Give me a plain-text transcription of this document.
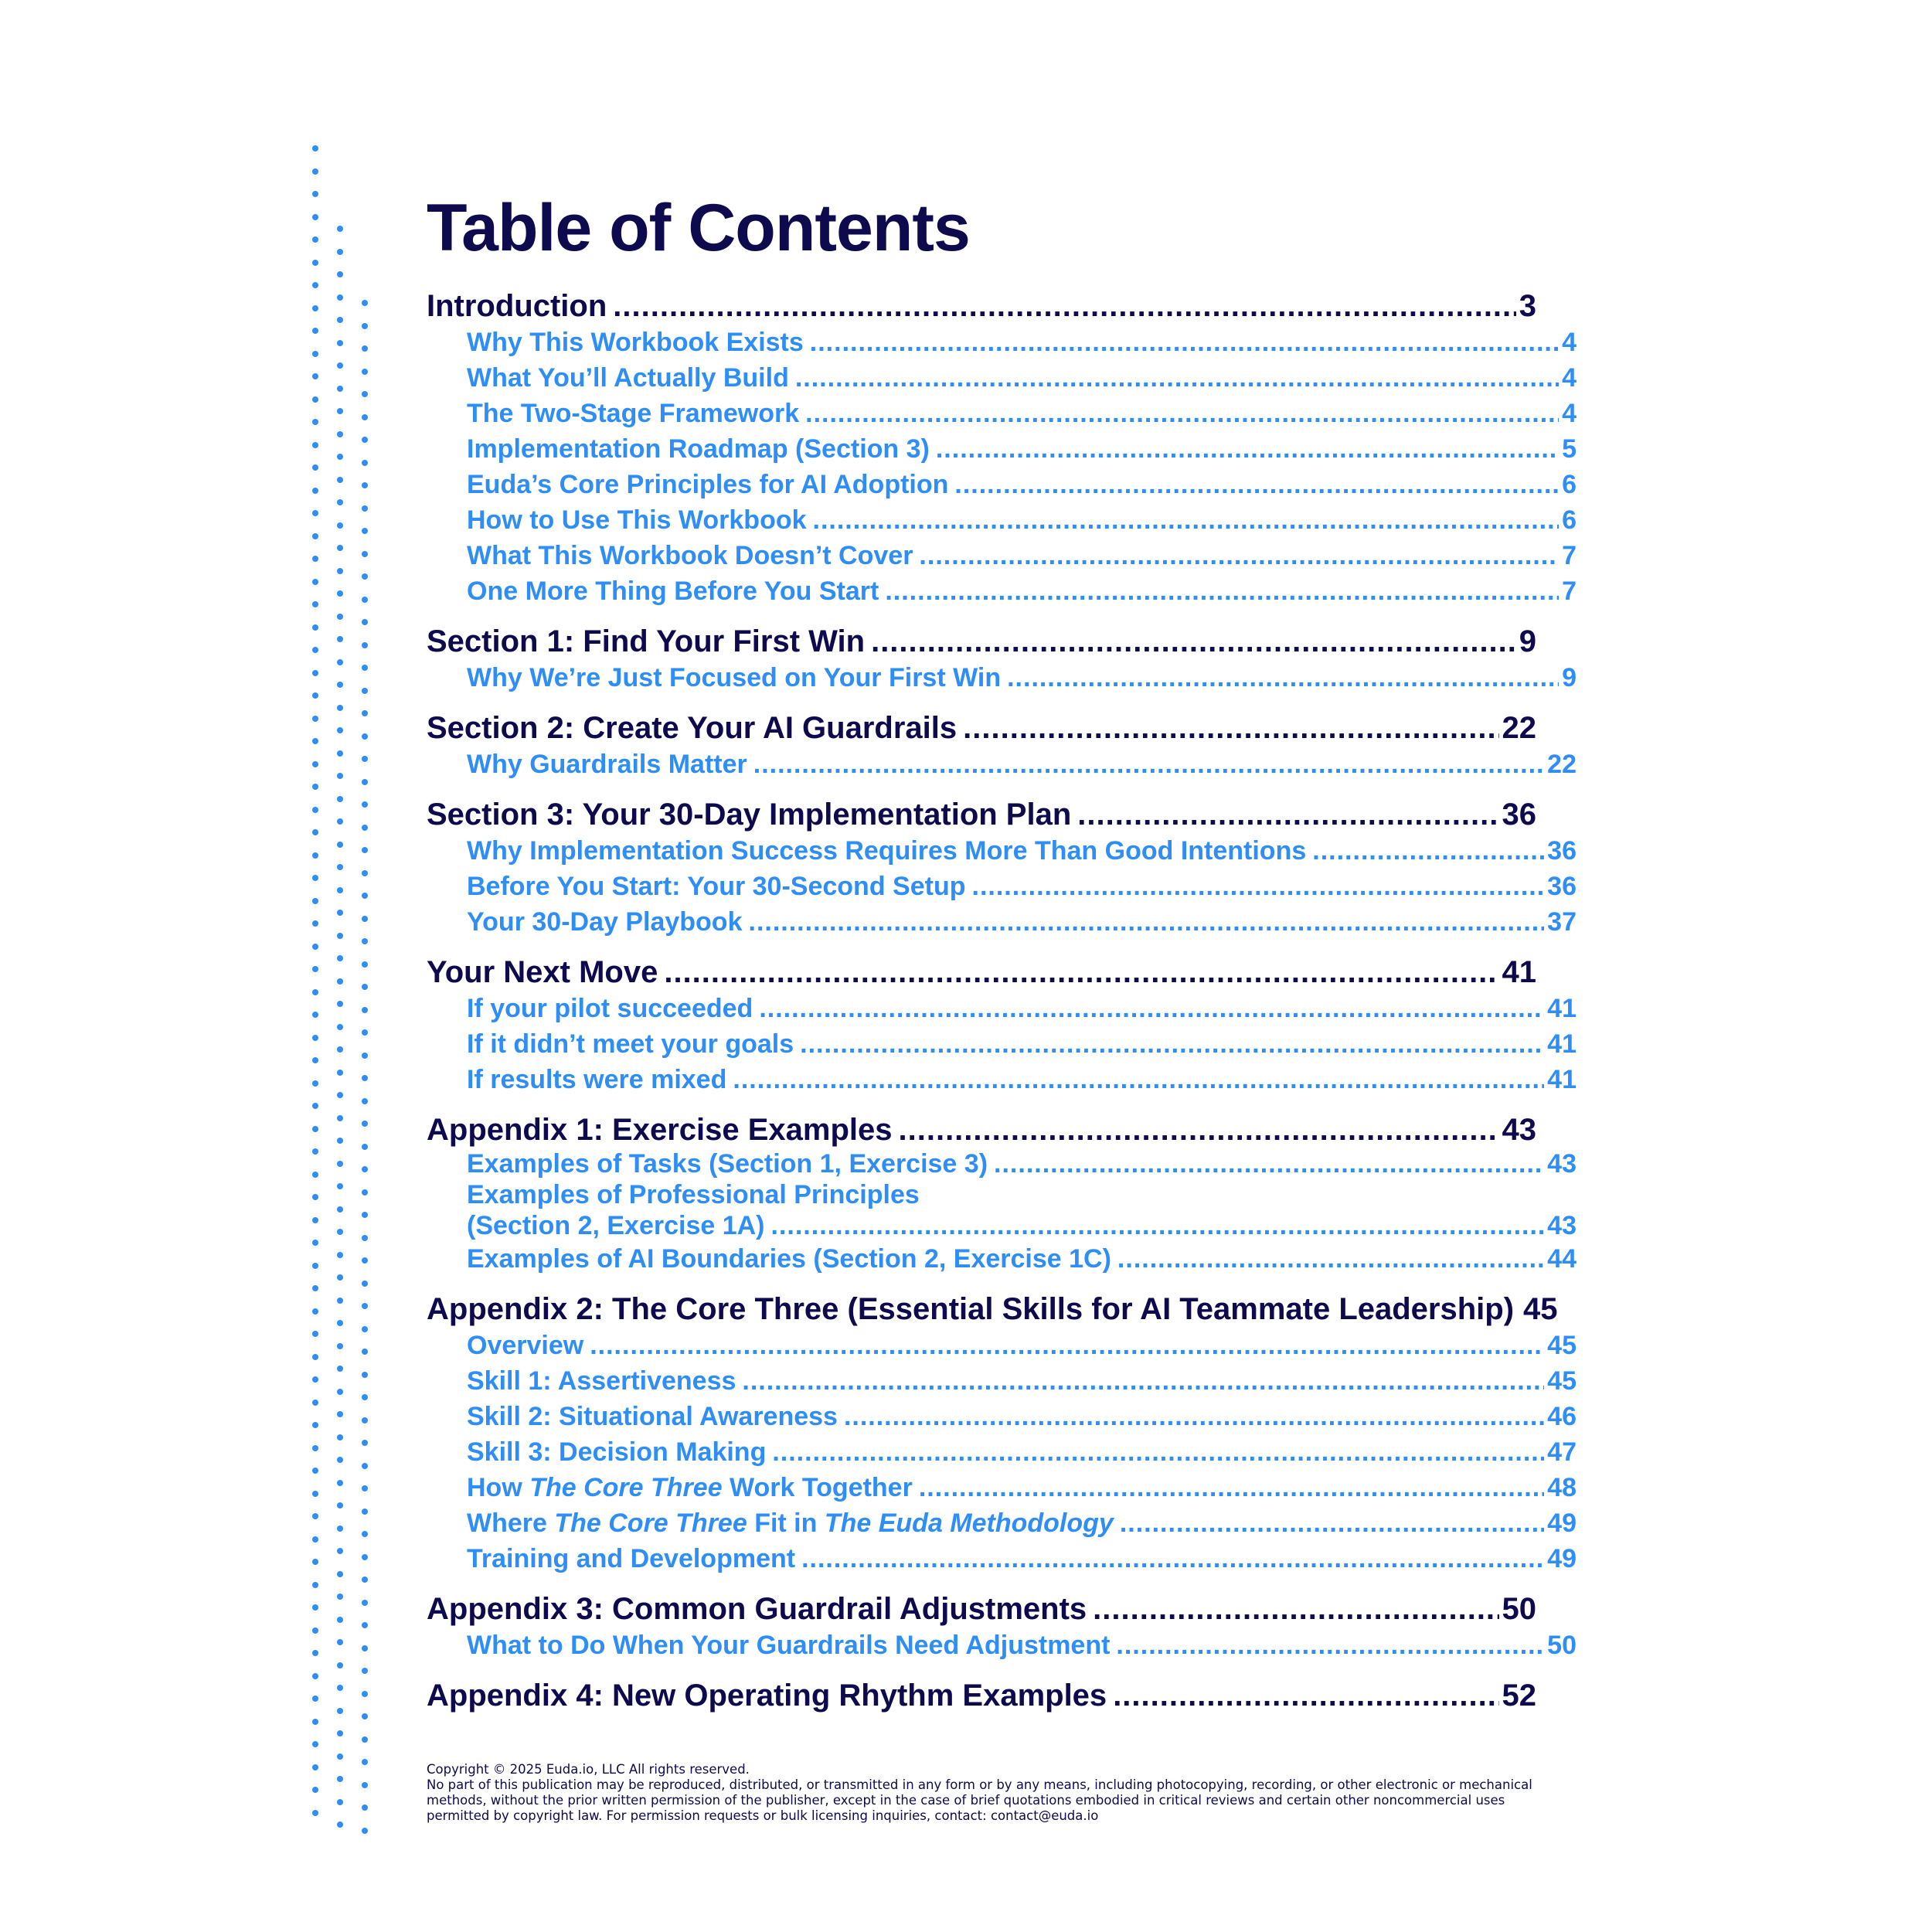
Table of Contents
Introduction .....	3
Why This Workbook Exists .....	4
What You’ll Actually Build .....	4
The Two-Stage Framework .....	4
Implementation Roadmap (Section 3) .....	5
Euda’s Core Principles for AI Adoption .....	6
How to Use This Workbook .....	6
What This Workbook Doesn’t Cover .....	7
One More Thing Before You Start .....	7
Section 1: Find Your First Win .....	9
Why We’re Just Focused on Your First Win .....	9
Section 2: Create Your AI Guardrails .....	22
Why Guardrails Matter .....	22
Section 3: Your 30-Day Implementation Plan .....	36
Why Implementation Success Requires More Than Good Intentions .....	36
Before You Start: Your 30-Second Setup .....	36
Your 30-Day Playbook .....	37
Your Next Move .....	41
If your pilot succeeded .....	41
If it didn’t meet your goals .....	41
If results were mixed .....	41
Appendix 1: Exercise Examples .....	43
Examples of Tasks (Section 1, Exercise 3) .....	43
Examples of Professional Principles
(Section 2, Exercise 1A) .....	43
Examples of AI Boundaries (Section 2, Exercise 1C) .....	44
Appendix 2: The Core Three (Essential Skills for AI Teammate Leadership) 45
Overview .....	45
Skill 1: Assertiveness .....	45
Skill 2: Situational Awareness .....	46
Skill 3: Decision Making .....	47
How The Core Three Work Together .....	48
Where The Core Three Fit in The Euda Methodology .....	49
Training and Development .....	49
Appendix 3: Common Guardrail Adjustments .....	50
What to Do When Your Guardrails Need Adjustment .....	50
Appendix 4: New Operating Rhythm Examples .....	52

Copyright © 2025 Euda.io, LLC All rights reserved.

No part of this publication may be reproduced, distributed, or transmitted in any form or by any means, including photocopying, recording, or other electronic or mechanical methods, without the prior written permission of the publisher, except in the case of brief quotations embodied in critical reviews and certain other noncommercial uses permitted by copyright law. For permission requests or bulk licensing inquiries, contact: contact@euda.io
